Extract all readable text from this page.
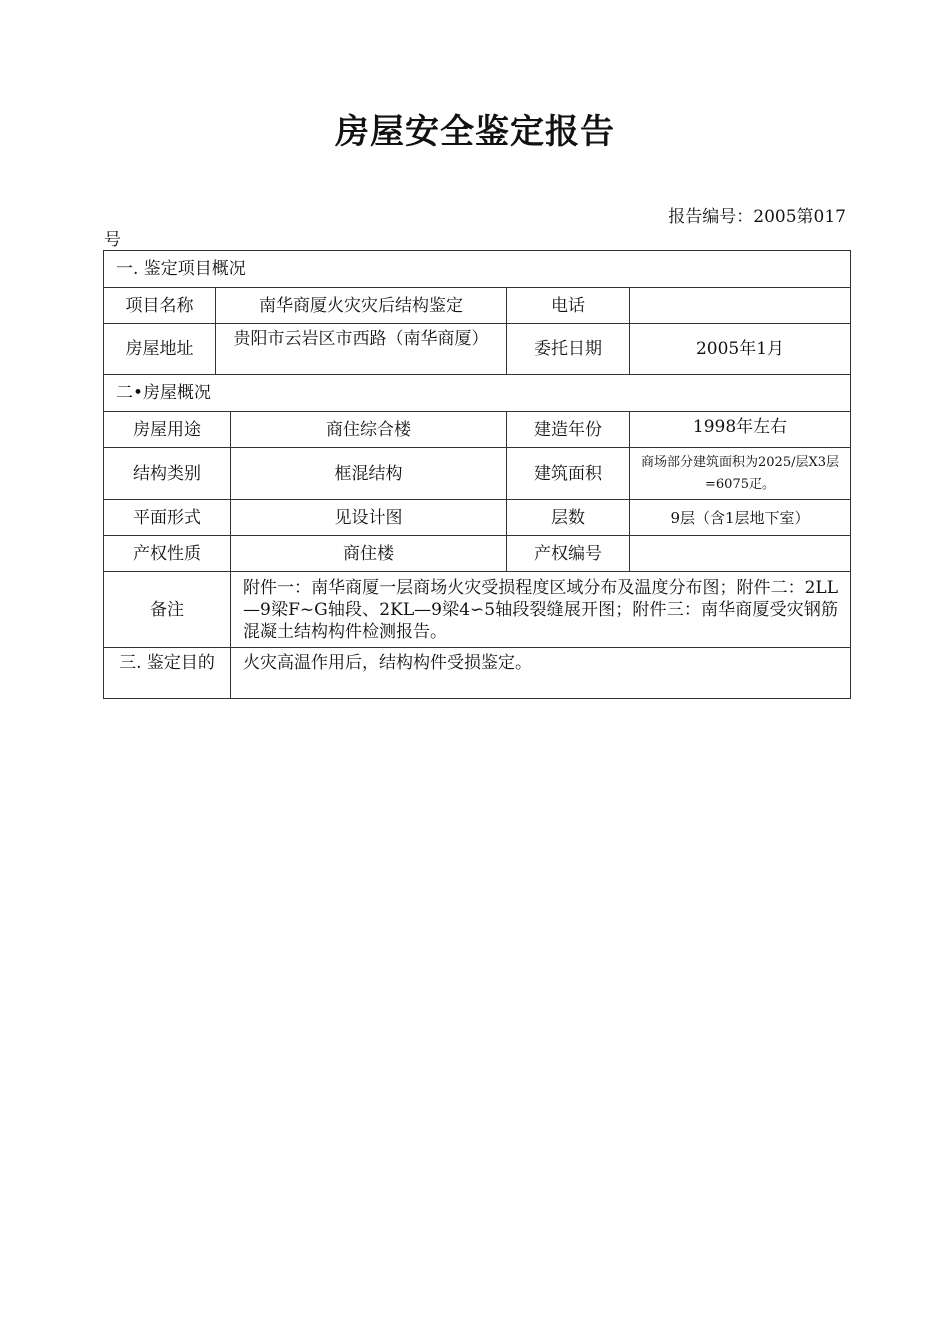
房屋安全鉴定报告
报告编号：2005第017
号
一. 鉴定项目概况				
项目名称	南华商厦火灾灾后结构鉴定		电话	
房屋地址	贵阳市云岩区市西路（南华商厦）		委托日期	2005年1月
二•房屋概况				
房屋用途		商住综合楼	建造年份	1998年左右
结构类别		框混结构	建筑面积	商场部分建筑面积为2025/层X3层=6075疋。
平面形式		见设计图	层数	9层（含1层地下室）
产权性质		商住楼	产权编号	
备注		附件一：南华商厦一层商场火灾受损程度区域分布及温度分布图；附件二：2LL—9梁F~G轴段、2KL—9梁4∽5轴段裂缝展开图；附件三：南华商厦受灾钢筋混凝土结构构件检测报告。		
三. 鉴定目的		火灾高温作用后，结构构件受损鉴定。		
